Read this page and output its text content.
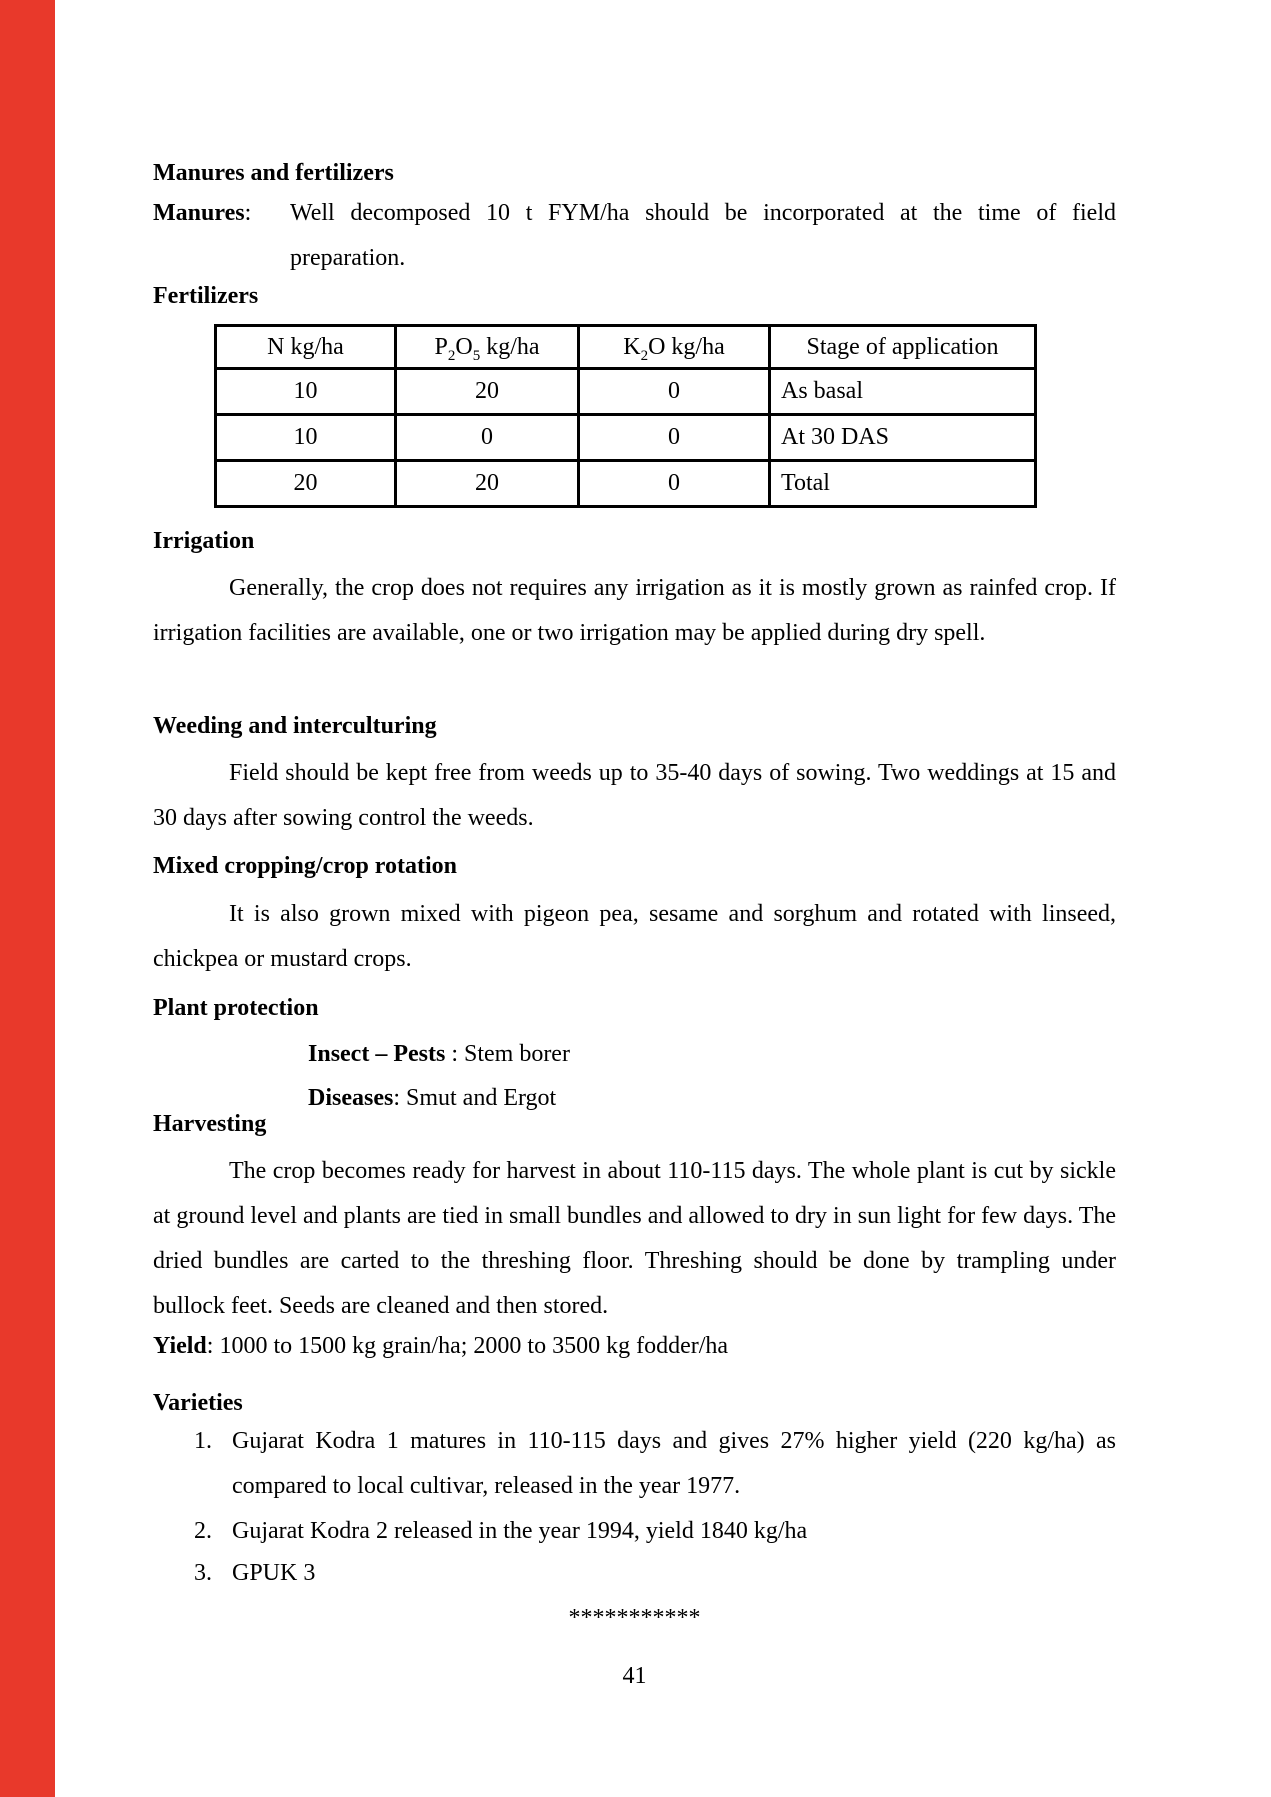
Manures and fertilizers
Manures: Well decomposed 10 t FYM/ha should be incorporated at the time of field preparation.
Fertilizers
N kg/ha	$P_2O_5$ kg/ha	$K_2O$ kg/ha	Stage of application
10	20	0	As basal
10	0	0	At 30 DAS
20	20	0	Total
Irrigation
Generally, the crop does not requires any irrigation as it is mostly grown as rainfed crop. If irrigation facilities are available, one or two irrigation may be applied during dry spell.
Weeding and interculturing
Field should be kept free from weeds up to 35-40 days of sowing. Two weddings at 15 and 30 days after sowing control the weeds.
Mixed cropping/crop rotation
It is also grown mixed with pigeon pea, sesame and sorghum and rotated with linseed, chickpea or mustard crops.
Plant protection
Insect – Pests : Stem borer
Diseases: Smut and Ergot
Harvesting
The crop becomes ready for harvest in about 110-115 days. The whole plant is cut by sickle at ground level and plants are tied in small bundles and allowed to dry in sun light for few days. The dried bundles are carted to the threshing floor. Threshing should be done by trampling under bullock feet. Seeds are cleaned and then stored.
Yield: 1000 to 1500 kg grain/ha; 2000 to 3500 kg fodder/ha
Varieties
1. Gujarat Kodra 1 matures in 110-115 days and gives 27% higher yield (220 kg/ha) as compared to local cultivar, released in the year 1977.
2. Gujarat Kodra 2 released in the year 1994, yield 1840 kg/ha
3. GPUK 3
***********
41
